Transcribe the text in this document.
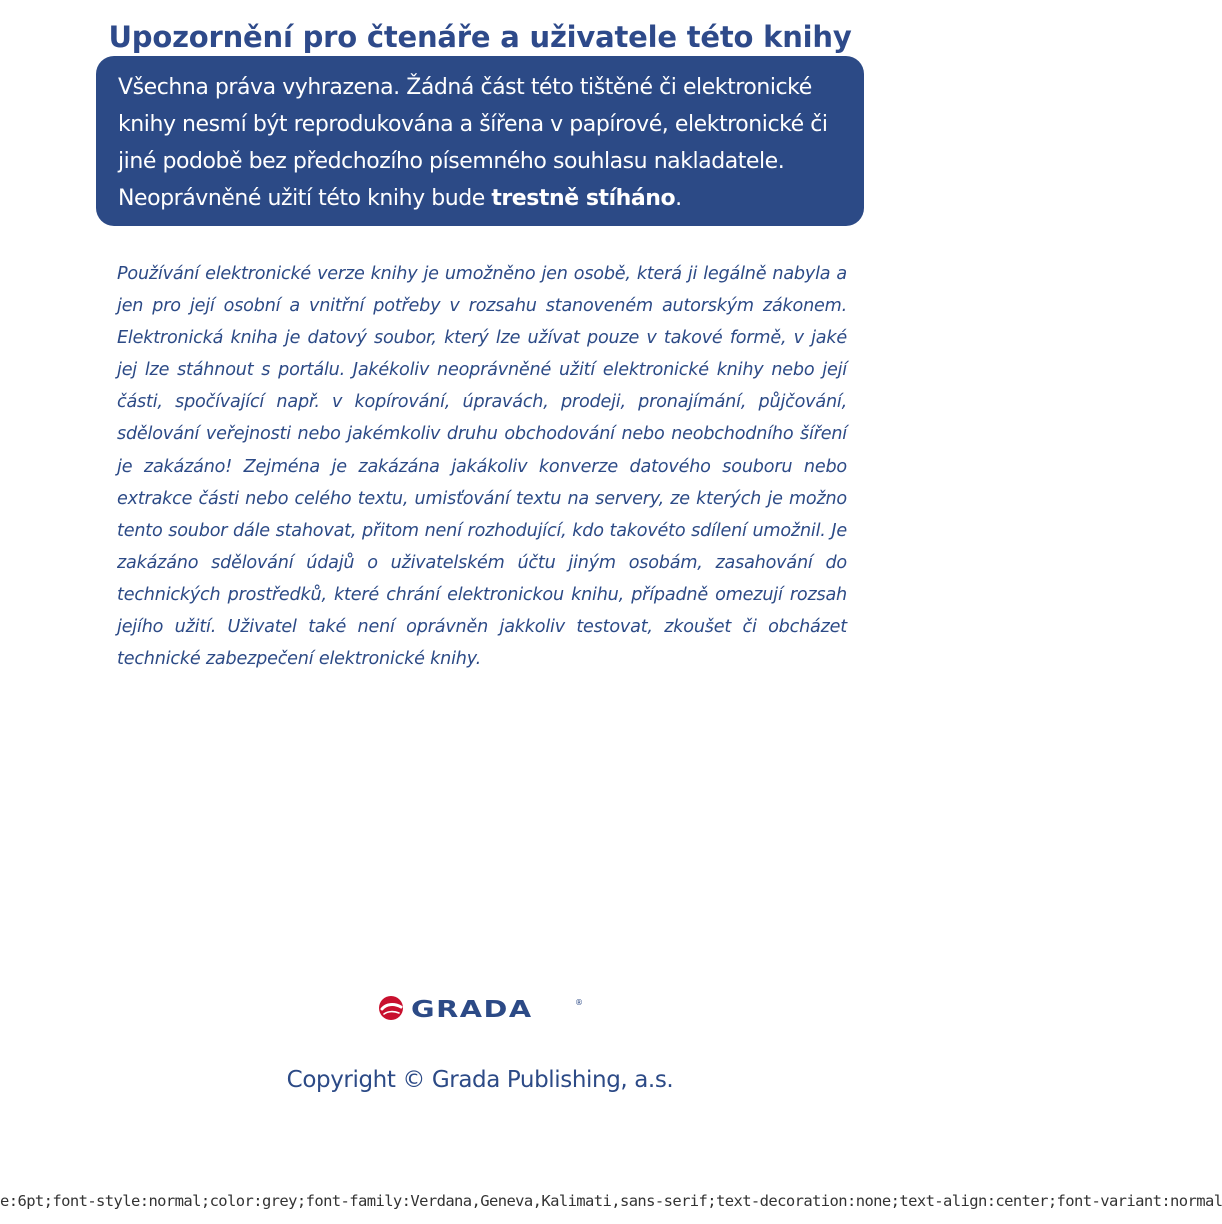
Upozornění pro čtenáře a uživatele této knihy

Všechna práva vyhrazena. Žádná část této tištěné či elektronické knihy nesmí být reprodukována a šířena v papírové, elektronické či jiné podobě bez předchozího písemného souhlasu nakladatele. Neoprávněné užití této knihy bude trestně stíháno.

Používání elektronické verze knihy je umožněno jen osobě, která ji legálně nabyla a jen pro její osobní a vnitřní potřeby v rozsahu stanoveném autorským zákonem. Elektronická kniha je datový soubor, který lze užívat pouze v takové formě, v jaké jej lze stáhnout s portálu. Jakékoliv neoprávněné užití elektronické knihy nebo její části, spočívající např. v kopírování, úpravách, prodeji, pronajímání, půjčování, sdělování veřejnosti nebo jakémkoliv druhu obchodování nebo neobchodního šíření je zakázáno! Zejména je zakázána jakákoliv konverze datového souboru nebo extrakce části nebo celého textu, umisťování textu na servery, ze kterých je možno tento soubor dále stahovat, přitom není rozhodující, kdo takovéto sdílení umožnil. Je zakázáno sdělování údajů o uživatelském účtu jiným osobám, zasahování do technických prostředků, které chrání elektronickou knihu, případně omezují rozsah jejího užití. Uživatel také není oprávněn jakkoliv testovat, zkoušet či obcházet technické zabezpečení elektronické knihy.

GRADA	®
Copyright © Grada Publishing, a.s.
e:6pt;font-style:normal;color:grey;font-family:Verdana,Geneva,Kalimati,sans-serif;text-decoration:none;text-align:center;font-variant:normal
